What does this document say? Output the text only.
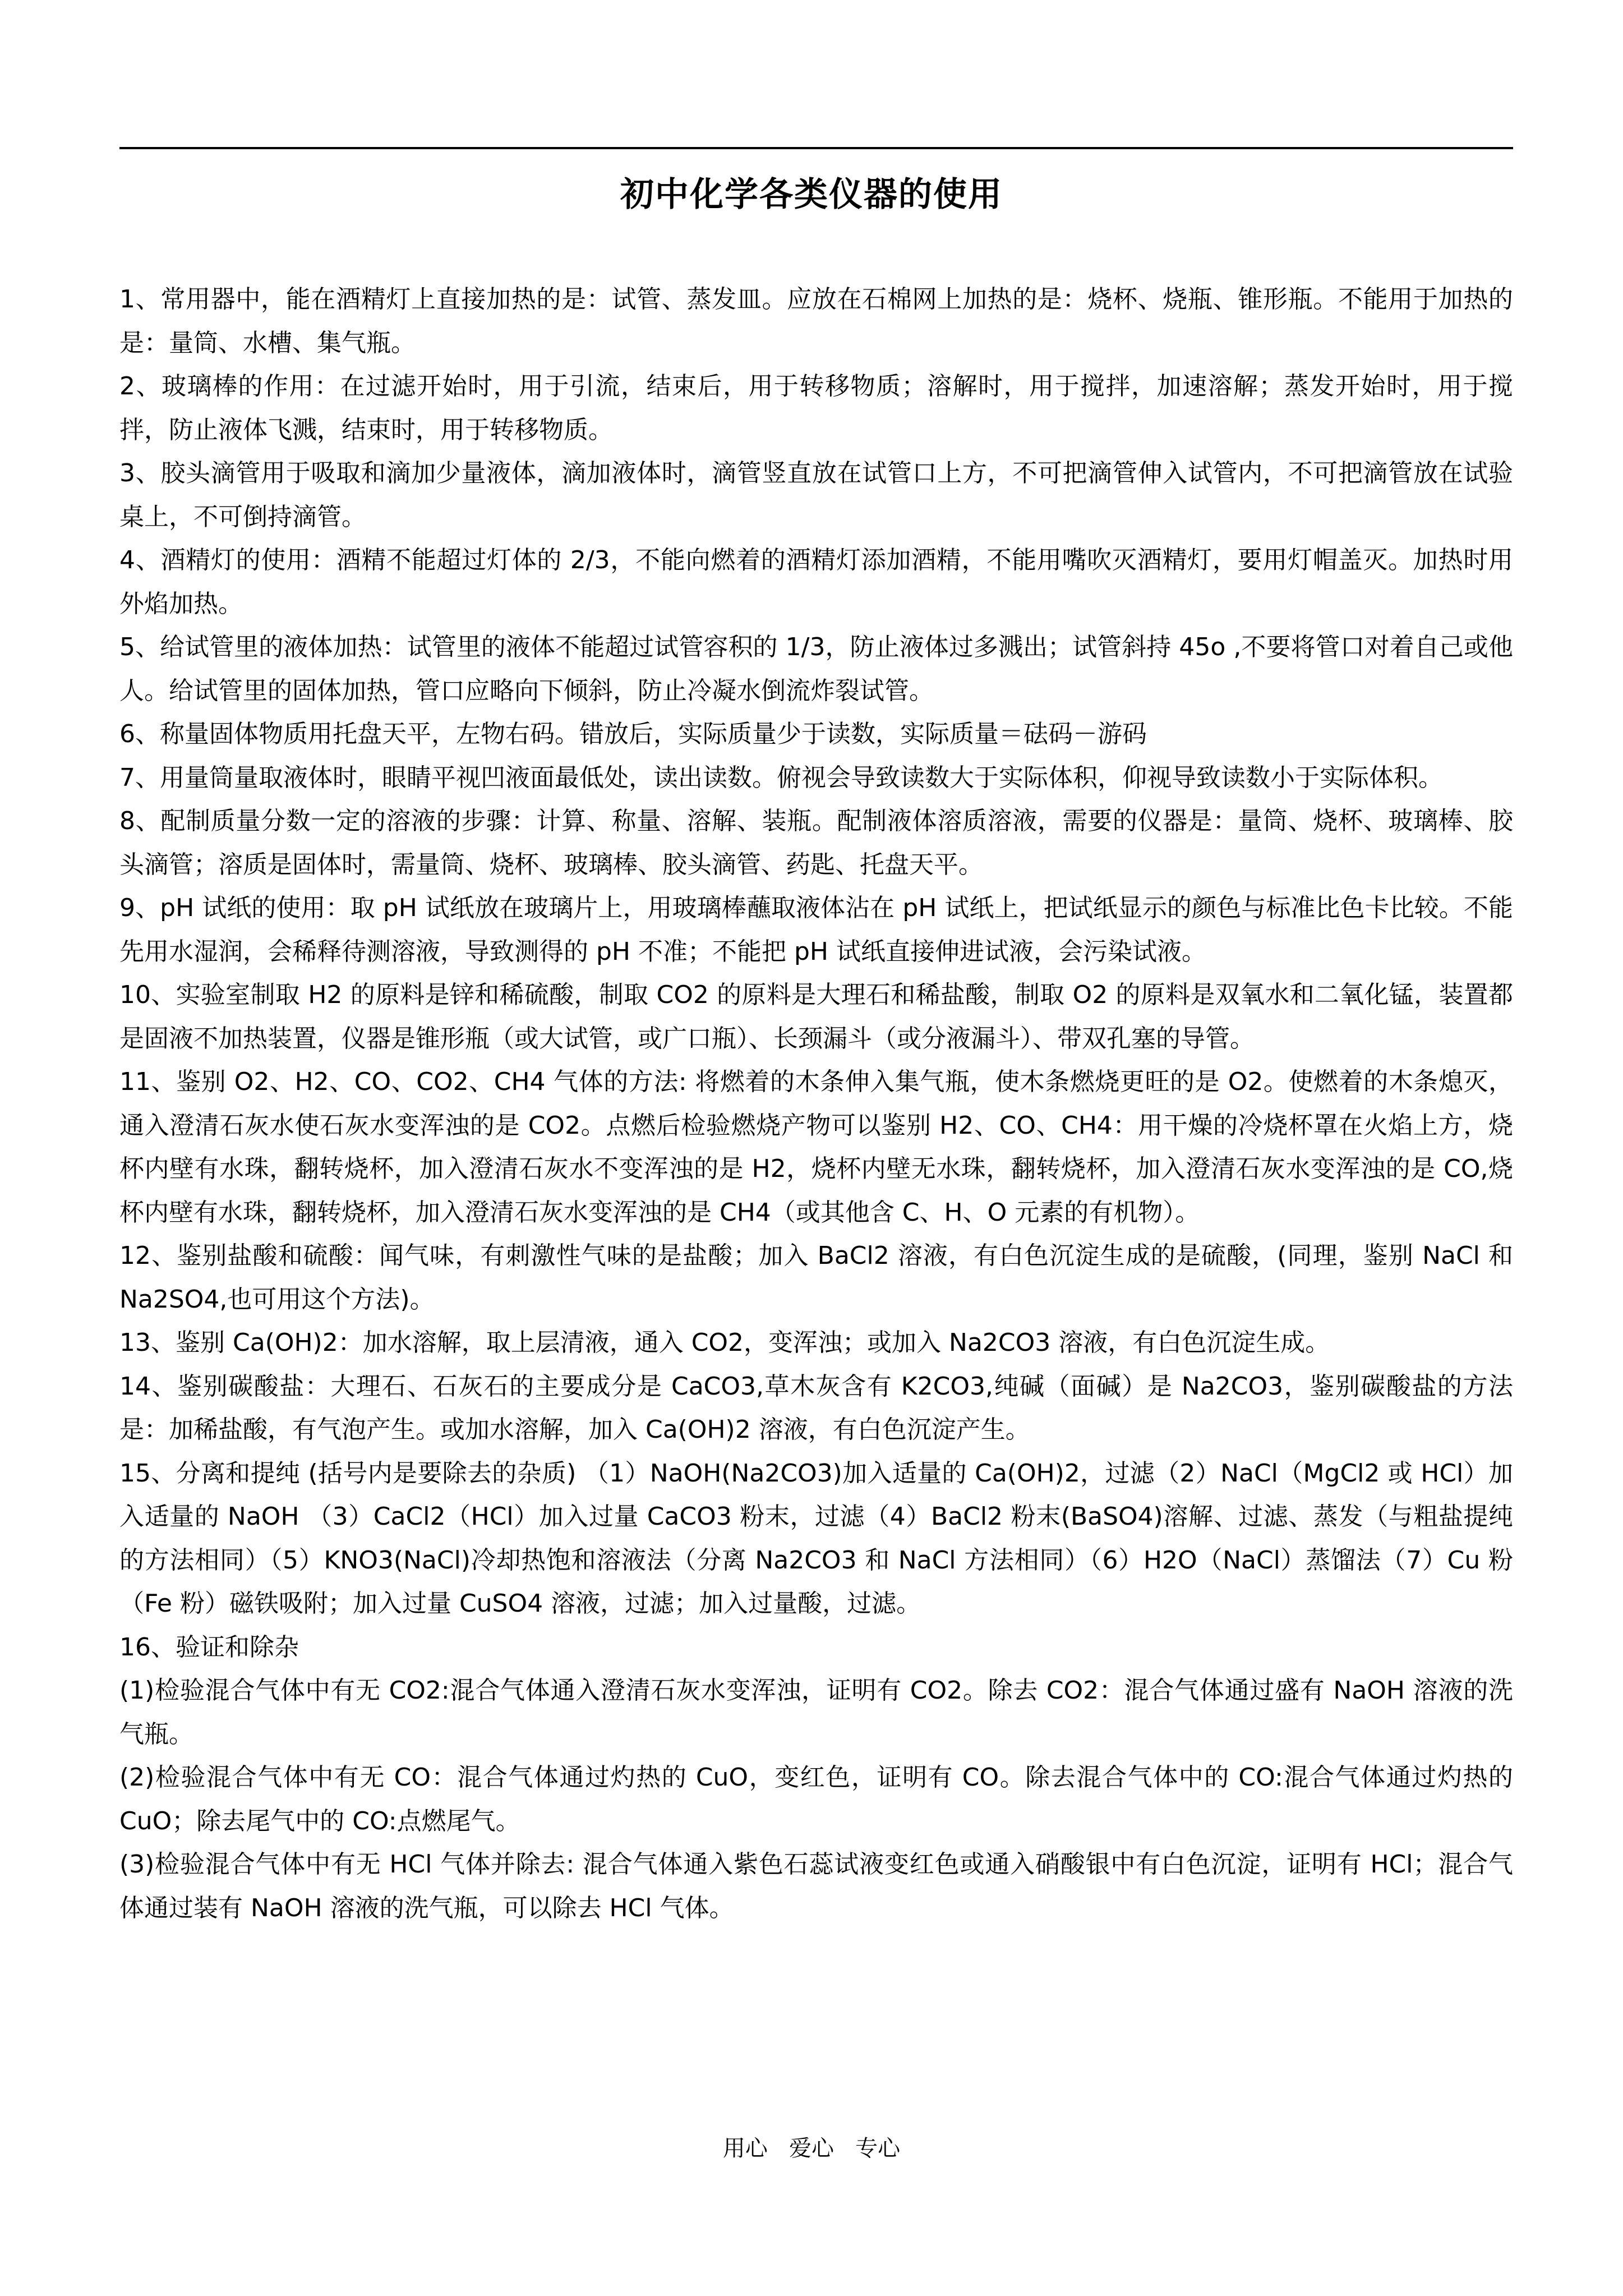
初中化学各类仪器的使用

1、常用器中，能在酒精灯上直接加热的是：试管、蒸发皿。应放在石棉网上加热的是：烧杯、烧瓶、锥形瓶。不能用于加热的是：量筒、水槽、集气瓶。

2、玻璃棒的作用：在过滤开始时，用于引流，结束后，用于转移物质；溶解时，用于搅拌，加速溶解；蒸发开始时，用于搅拌，防止液体飞溅，结束时，用于转移物质。

3、胶头滴管用于吸取和滴加少量液体，滴加液体时，滴管竖直放在试管口上方，不可把滴管伸入试管内，不可把滴管放在试验桌上，不可倒持滴管。

4、酒精灯的使用：酒精不能超过灯体的 2/3，不能向燃着的酒精灯添加酒精，不能用嘴吹灭酒精灯，要用灯帽盖灭。加热时用外焰加热。

5、给试管里的液体加热：试管里的液体不能超过试管容积的 1/3，防止液体过多溅出；试管斜持 45o ,不要将管口对着自己或他人。给试管里的固体加热，管口应略向下倾斜，防止冷凝水倒流炸裂试管。

6、称量固体物质用托盘天平，左物右码。错放后，实际质量少于读数，实际质量＝砝码－游码

7、用量筒量取液体时，眼睛平视凹液面最低处，读出读数。俯视会导致读数大于实际体积，仰视导致读数小于实际体积。

8、配制质量分数一定的溶液的步骤：计算、称量、溶解、装瓶。配制液体溶质溶液，需要的仪器是：量筒、烧杯、玻璃棒、胶头滴管；溶质是固体时，需量筒、烧杯、玻璃棒、胶头滴管、药匙、托盘天平。

9、pH 试纸的使用：取 pH 试纸放在玻璃片上，用玻璃棒蘸取液体沾在 pH 试纸上，把试纸显示的颜色与标准比色卡比较。不能先用水湿润，会稀释待测溶液，导致测得的 pH 不准；不能把 pH 试纸直接伸进试液，会污染试液。

10、实验室制取 H2 的原料是锌和稀硫酸，制取 CO2 的原料是大理石和稀盐酸，制取 O2 的原料是双氧水和二氧化锰，装置都是固液不加热装置，仪器是锥形瓶（或大试管，或广口瓶）、长颈漏斗（或分液漏斗）、带双孔塞的导管。

11、鉴别 O2、H2、CO、CO2、CH4 气体的方法: 将燃着的木条伸入集气瓶，使木条燃烧更旺的是 O2。使燃着的木条熄灭，通入澄清石灰水使石灰水变浑浊的是 CO2。点燃后检验燃烧产物可以鉴别 H2、CO、CH4：用干燥的冷烧杯罩在火焰上方，烧杯内壁有水珠，翻转烧杯，加入澄清石灰水不变浑浊的是 H2，烧杯内壁无水珠，翻转烧杯，加入澄清石灰水变浑浊的是 CO,烧杯内壁有水珠，翻转烧杯，加入澄清石灰水变浑浊的是 CH4（或其他含 C、H、O 元素的有机物）。

12、鉴别盐酸和硫酸：闻气味，有刺激性气味的是盐酸；加入 BaCl2 溶液，有白色沉淀生成的是硫酸，(同理，鉴别 NaCl 和 Na2SO4,也可用这个方法)。

13、鉴别 Ca(OH)2：加水溶解，取上层清液，通入 CO2，变浑浊；或加入 Na2CO3 溶液，有白色沉淀生成。

14、鉴别碳酸盐：大理石、石灰石的主要成分是 CaCO3,草木灰含有 K2CO3,纯碱（面碱）是 Na2CO3，鉴别碳酸盐的方法是：加稀盐酸，有气泡产生。或加水溶解，加入 Ca(OH)2 溶液，有白色沉淀产生。

15、分离和提纯 (括号内是要除去的杂质) （1）NaOH(Na2CO3)加入适量的 Ca(OH)2，过滤（2）NaCl（MgCl2 或 HCl）加入适量的 NaOH （3）CaCl2（HCl）加入过量 CaCO3 粉末，过滤（4）BaCl2 粉末(BaSO4)溶解、过滤、蒸发（与粗盐提纯的方法相同）（5）KNO3(NaCl)冷却热饱和溶液法（分离 Na2CO3 和 NaCl 方法相同）（6）H2O（NaCl）蒸馏法（7）Cu 粉（Fe 粉）磁铁吸附；加入过量 CuSO4 溶液，过滤；加入过量酸，过滤。

16、验证和除杂

(1)检验混合气体中有无 CO2:混合气体通入澄清石灰水变浑浊，证明有 CO2。除去 CO2：混合气体通过盛有 NaOH 溶液的洗气瓶。

(2)检验混合气体中有无 CO：混合气体通过灼热的 CuO，变红色，证明有 CO。除去混合气体中的 CO:混合气体通过灼热的 CuO；除去尾气中的 CO:点燃尾气。

(3)检验混合气体中有无 HCl 气体并除去: 混合气体通入紫色石蕊试液变红色或通入硝酸银中有白色沉淀，证明有 HCl；混合气体通过装有 NaOH 溶液的洗气瓶，可以除去 HCl 气体。

用心   爱心   专心
